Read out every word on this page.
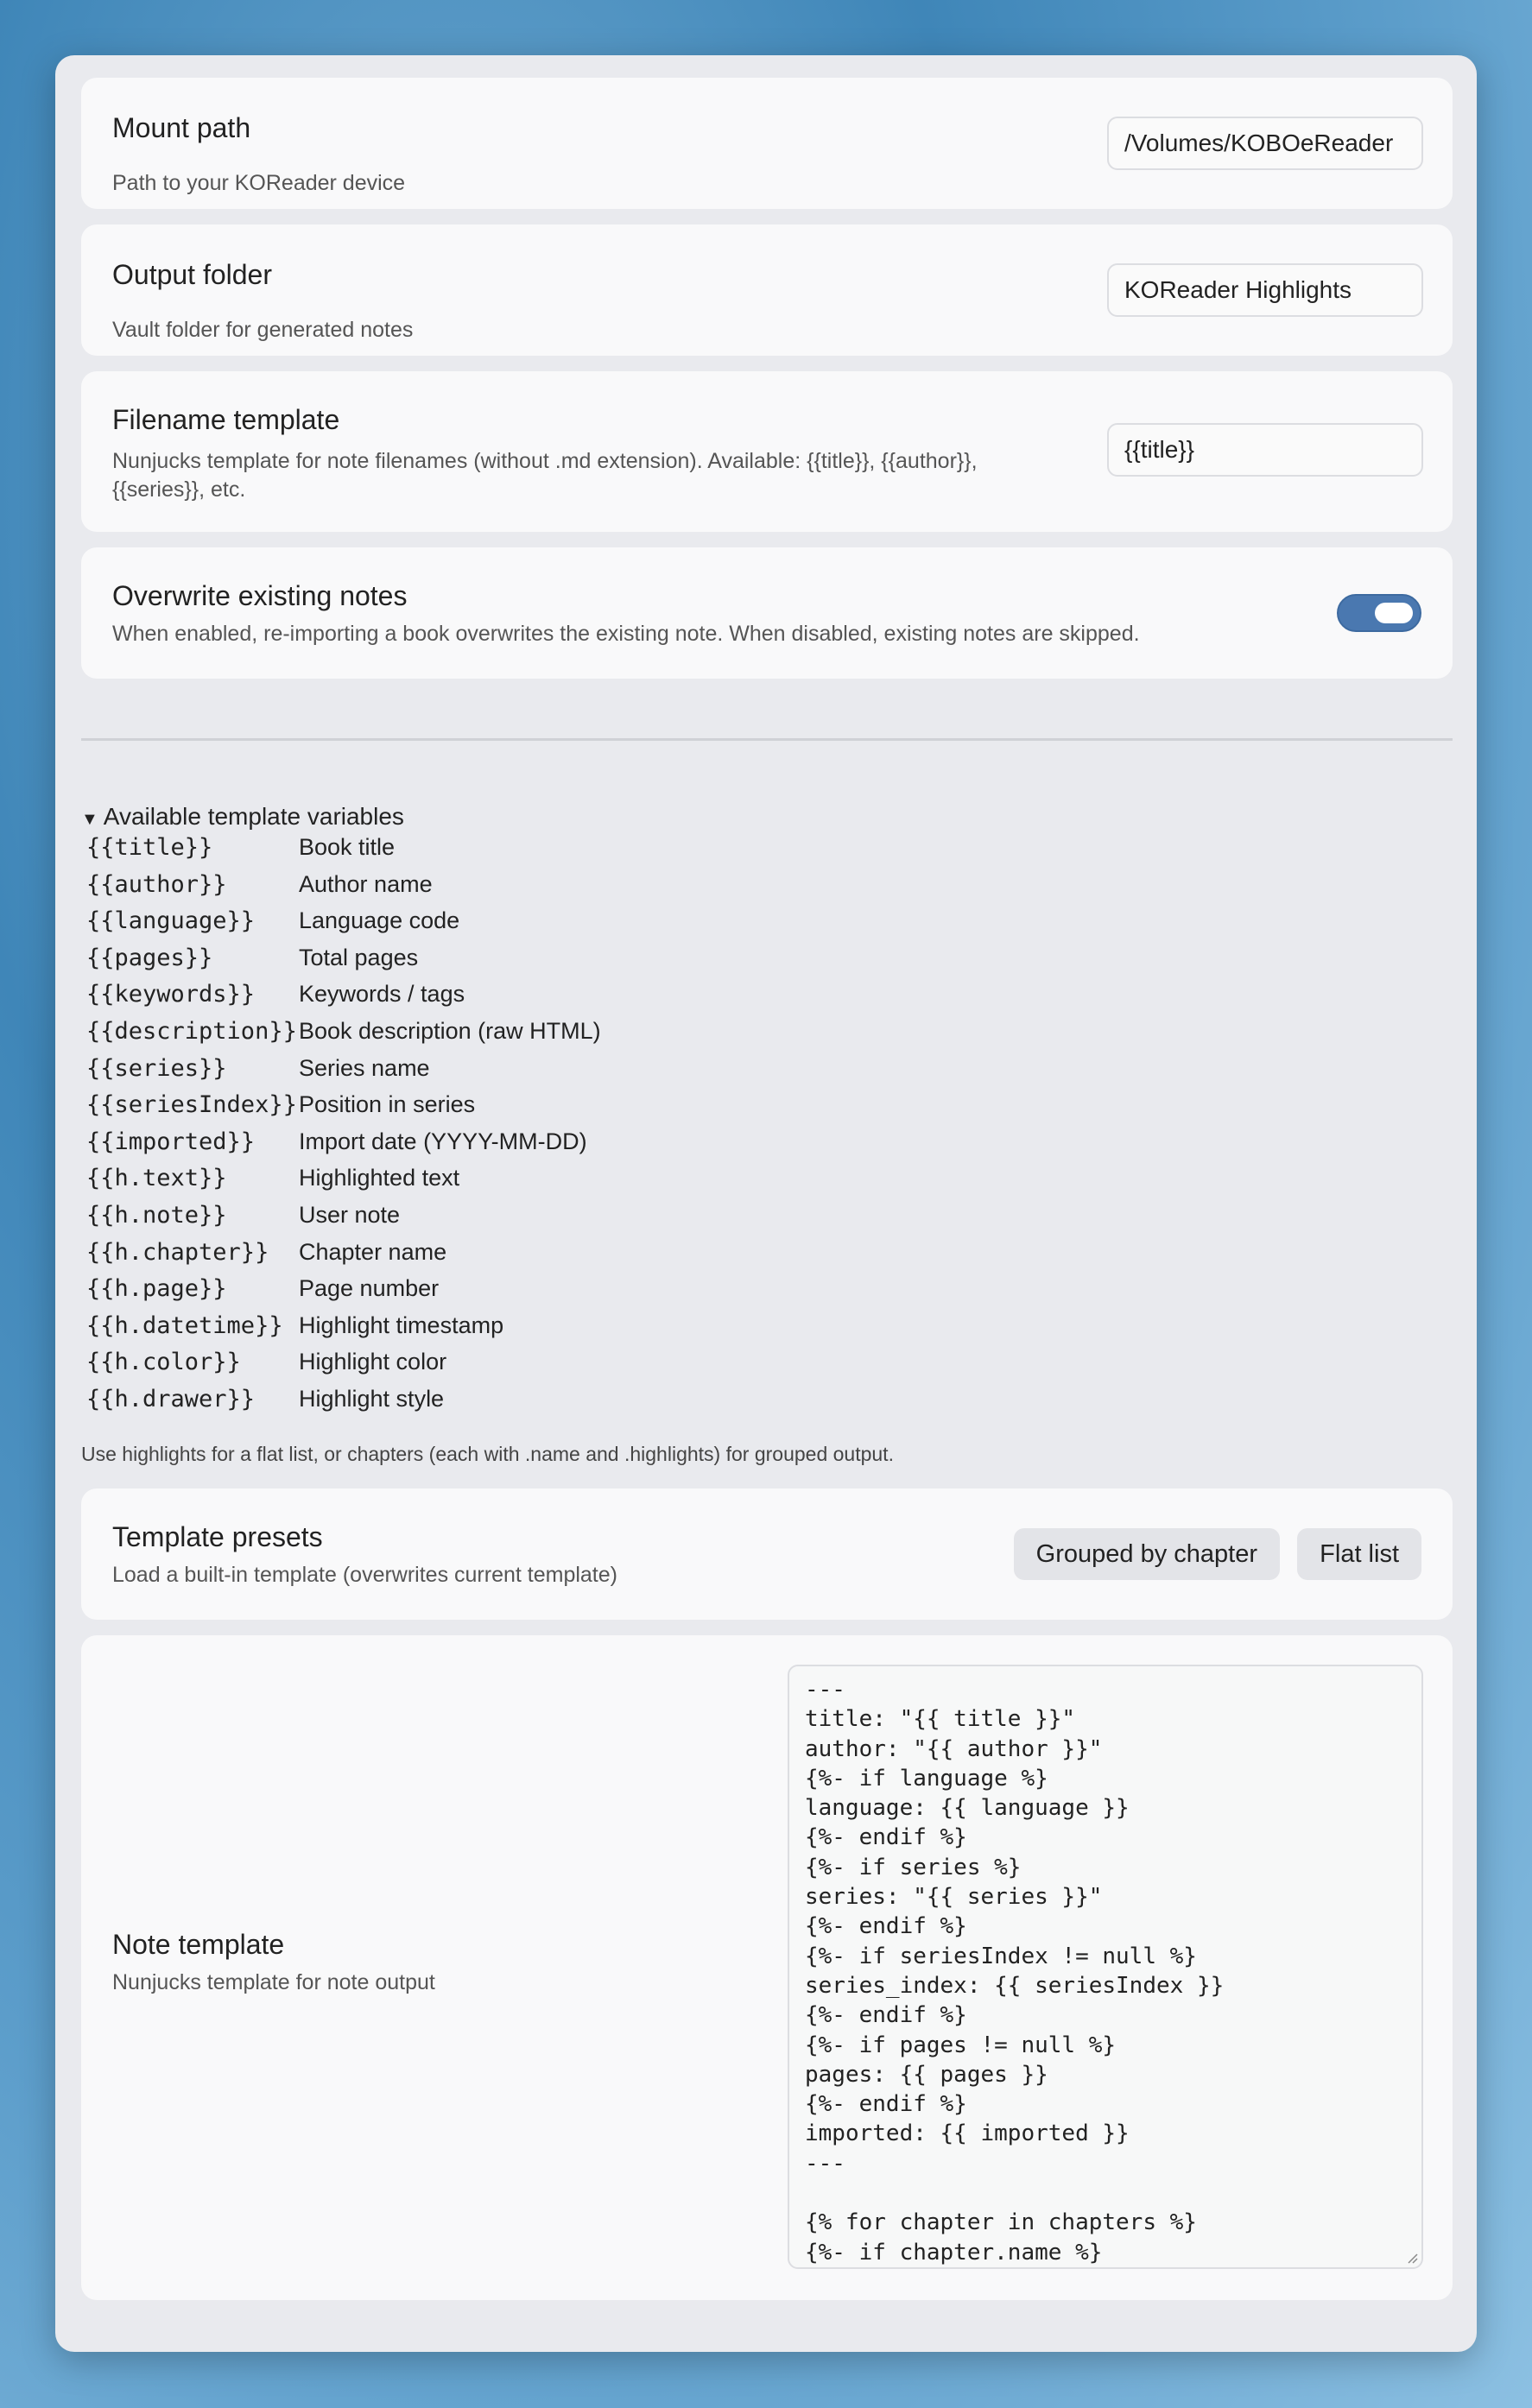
Mount path
Path to your KOReader device
/Volumes/KOBOeReader
Output folder
Vault folder for generated notes
KOReader Highlights
Filename template
Nunjucks template for note filenames (without .md extension). Available: {{title}}, {{author}},
{{series}}, etc.
{{title}}
Overwrite existing notes
When enabled, re-importing a book overwrites the existing note. When disabled, existing notes are skipped.
▼ Available template variables
{{title}}	Book title
{{author}}	Author name
{{language}} Language code
{{pages}}	Total pages
{{keywords}} Keywords / tags
{{description}} Book description (raw HTML)
{{series}}	Series name
{{seriesIndex}} Position in series
{{imported}} Import date (YYYY-MM-DD)
{{h.text}}	Highlighted text
{{h.note}}	User note
{{h.chapter}} Chapter name
{{h.page}}	Page number
{{h.datetime}} Highlight timestamp
{{h.color}} Highlight color
{{h.drawer}} Highlight style
Use highlights for a flat list, or chapters (each with .name and .highlights) for grouped output.
Template presets
Load a built-in template (overwrites current template)
Grouped by chapter	Flat list
Note template
Nunjucks template for note output
---
title: "{{ title }}"
author: "{{ author }}"
{%- if language %}
language: {{ language }}
{%- endif %}
{%- if series %}
series: "{{ series }}"
{%- endif %}
{%- if seriesIndex != null %}
series_index: {{ seriesIndex }}
{%- endif %}
{%- if pages != null %}
pages: {{ pages }}
{%- endif %}
imported: {{ imported }}
---

{% for chapter in chapters %}
{%- if chapter.name %}
